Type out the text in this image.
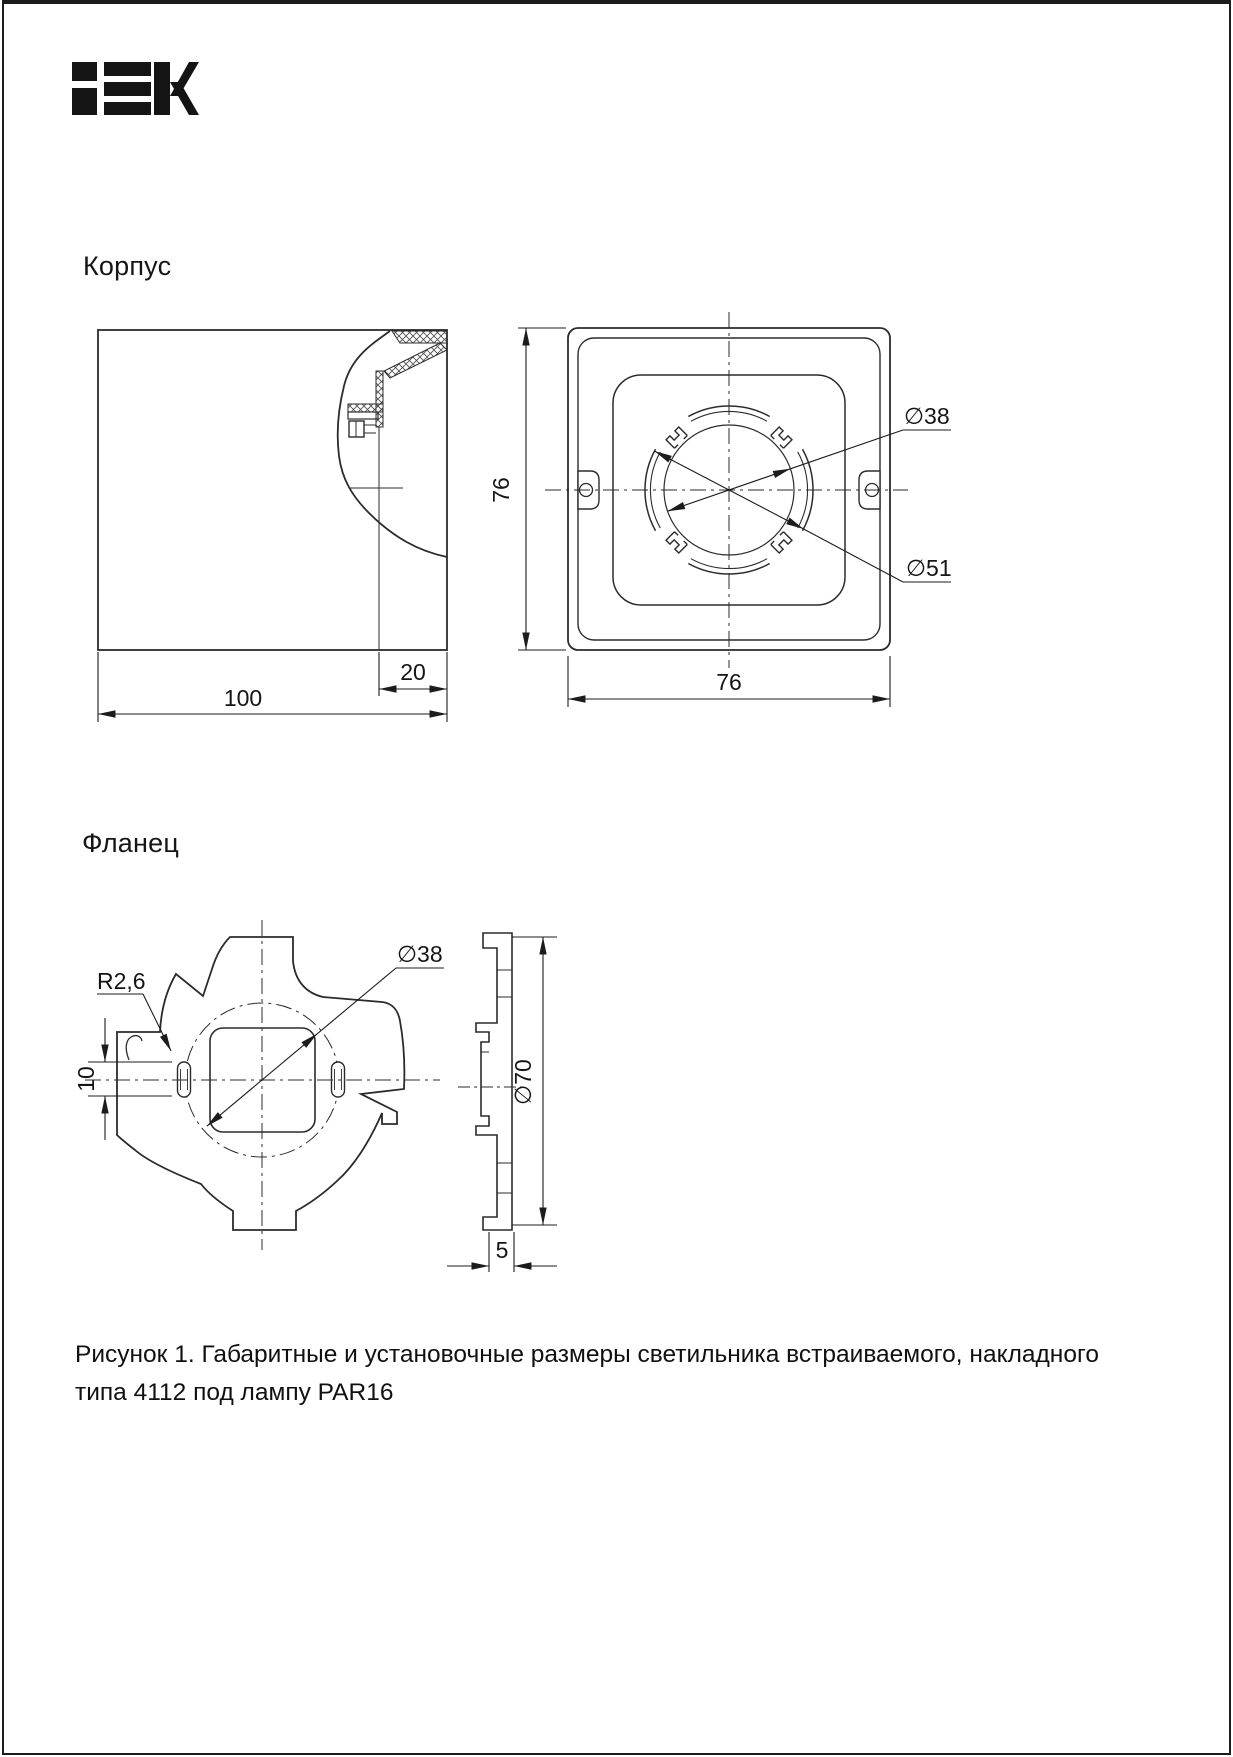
Корпус
Фланец
Рисунок 1. Габаритные и установочные размеры светильника встраиваемого, накладного
типа 4112 под лампу PAR16
20
100
∅38
∅51
76
76
∅38
R2,6
10	∅70
5
